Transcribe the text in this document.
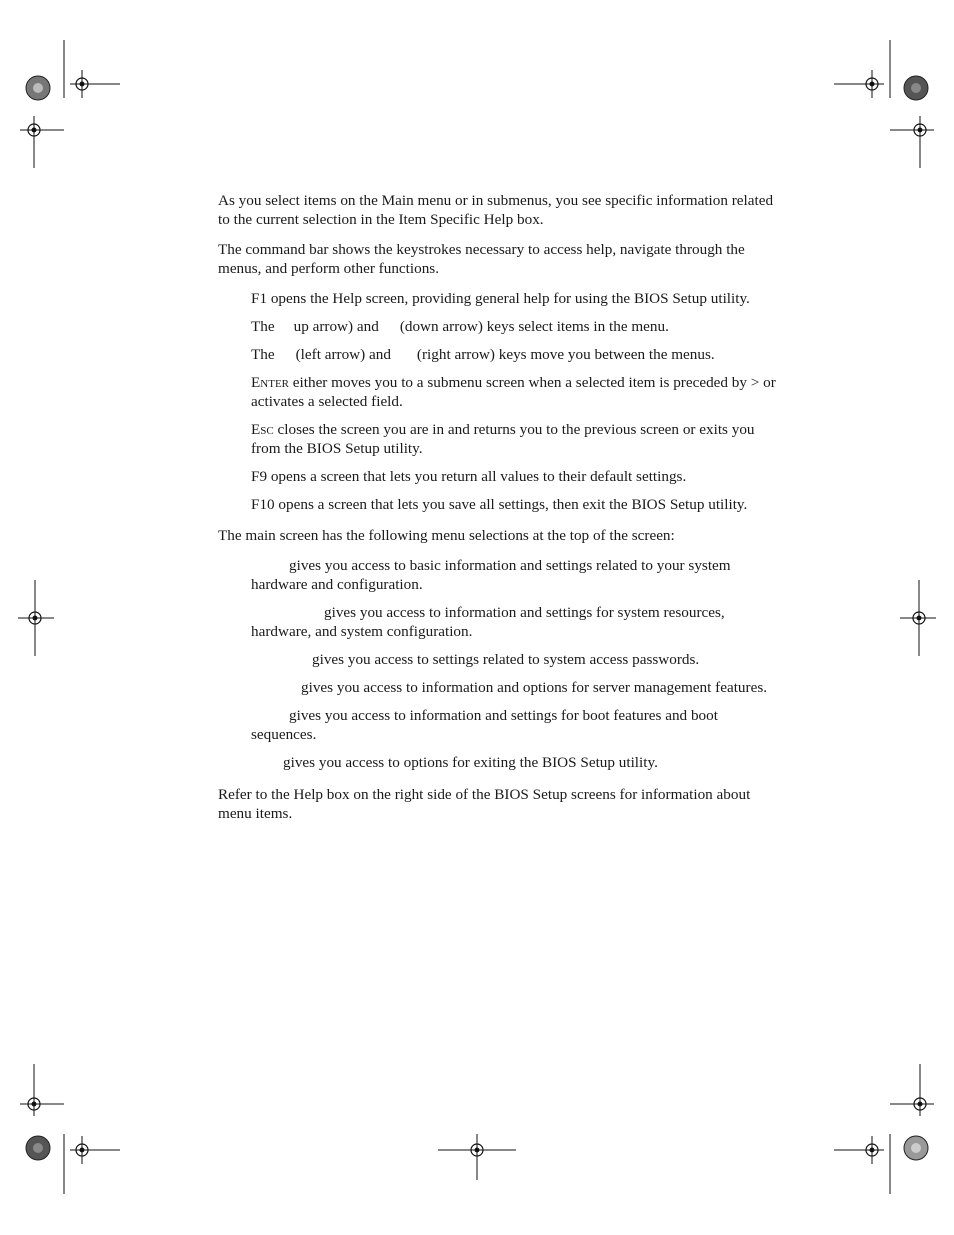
As you select items on the Main menu or in submenus, you see specific information related to the current selection in the Item Specific Help box.

The command bar shows the keystrokes necessary to access help, navigate through the menus, and perform other functions.

F1 opens the Help screen, providing general help for using the BIOS Setup utility.

The up arrow) and (down arrow) keys select items in the menu.

The (left arrow) and (right arrow) keys move you between the menus.

Enter either moves you to a submenu screen when a selected item is preceded by > or activates a selected field.

Esc closes the screen you are in and returns you to the previous screen or exits you from the BIOS Setup utility.

F9 opens a screen that lets you return all values to their default settings.

F10 opens a screen that lets you save all settings, then exit the BIOS Setup utility.

The main screen has the following menu selections at the top of the screen:

gives you access to basic information and settings related to your system hardware and configuration.

gives you access to information and settings for system resources, hardware, and system configuration.

gives you access to settings related to system access passwords.

gives you access to information and options for server management features.

gives you access to information and settings for boot features and boot sequences.

gives you access to options for exiting the BIOS Setup utility.

Refer to the Help box on the right side of the BIOS Setup screens for information about menu items.
